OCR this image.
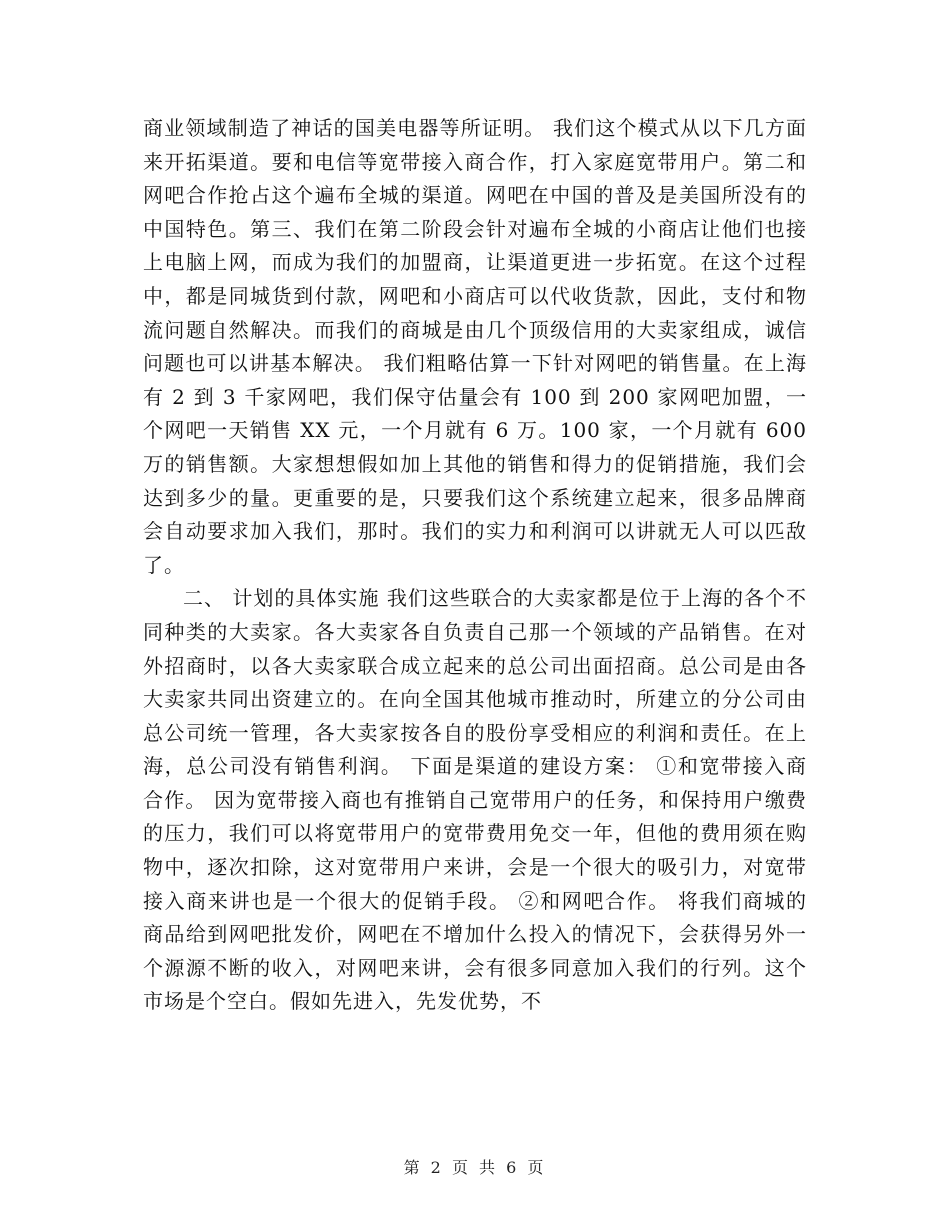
商业领域制造了神话的国美电器等所证明。 我们这个模式从以下几方面来开拓渠道。要和电信等宽带接入商合作，打入家庭宽带用户。第二和网吧合作抢占这个遍布全城的渠道。网吧在中国的普及是美国所没有的中国特色。第三、我们在第二阶段会针对遍布全城的小商店让他们也接上电脑上网，而成为我们的加盟商，让渠道更进一步拓宽。在这个过程中，都是同城货到付款，网吧和小商店可以代收货款，因此，支付和物流问题自然解决。而我们的商城是由几个顶级信用的大卖家组成，诚信问题也可以讲基本解决。 我们粗略估算一下针对网吧的销售量。在上海有 2 到 3 千家网吧，我们保守估量会有 100 到 200 家网吧加盟，一个网吧一天销售 XX 元，一个月就有 6 万。100 家，一个月就有 600 万的销售额。大家想想假如加上其他的销售和得力的促销措施，我们会达到多少的量。更重要的是，只要我们这个系统建立起来，很多品牌商会自动要求加入我们，那时。我们的实力和利润可以讲就无人可以匹敌了。

二、 计划的具体实施 我们这些联合的大卖家都是位于上海的各个不同种类的大卖家。各大卖家各自负责自己那一个领域的产品销售。在对外招商时，以各大卖家联合成立起来的总公司出面招商。总公司是由各大卖家共同出资建立的。在向全国其他城市推动时，所建立的分公司由总公司统一管理，各大卖家按各自的股份享受相应的利润和责任。在上海，总公司没有销售利润。 下面是渠道的建设方案： ①和宽带接入商合作。 因为宽带接入商也有推销自己宽带用户的任务，和保持用户缴费的压力，我们可以将宽带用户的宽带费用免交一年，但他的费用须在购物中，逐次扣除，这对宽带用户来讲，会是一个很大的吸引力，对宽带接入商来讲也是一个很大的促销手段。 ②和网吧合作。 将我们商城的商品给到网吧批发价，网吧在不增加什么投入的情况下，会获得另外一个源源不断的收入，对网吧来讲，会有很多同意加入我们的行列。这个市场是个空白。假如先进入，先发优势，不

第 2 页 共 6 页
